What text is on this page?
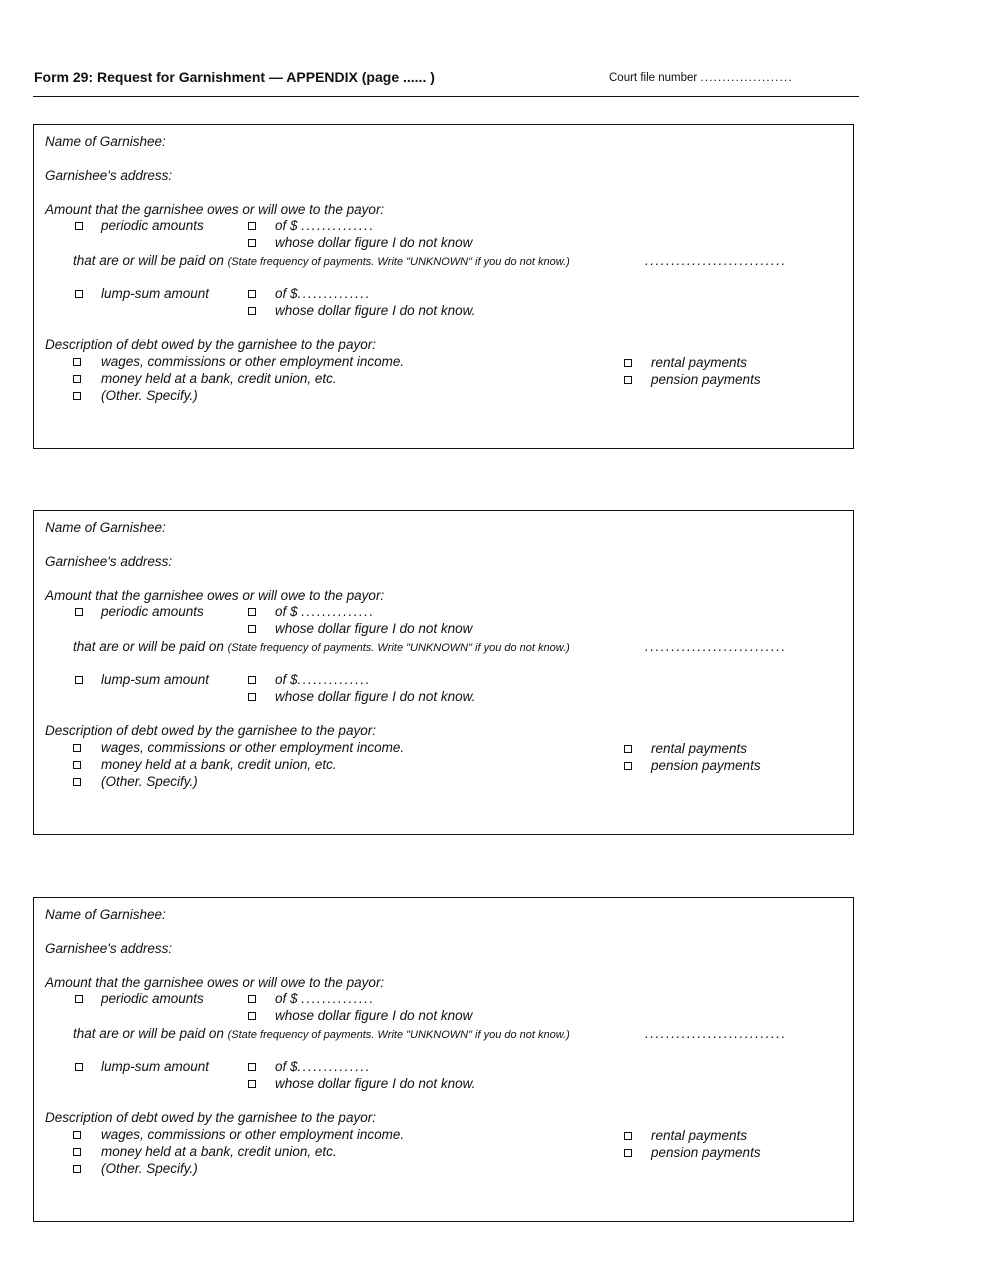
Form 29: Request for Garnishment — APPENDIX (page ...... )	Court file number .....................
Name of Garnishee:
Garnishee's address:
Amount that the garnishee owes or will owe to the payor:
periodic amounts	of $ ..............
whose dollar figure I do not know
that are or will be paid on (State frequency of payments. Write "UNKNOWN" if you do not know.)	...........................
lump-sum amount	of $..............
whose dollar figure I do not know.
Description of debt owed by the garnishee to the payor:
wages, commissions or other employment income.
money held at a bank, credit union, etc.
(Other. Specify.)
rental payments
pension payments
Name of Garnishee:
Garnishee's address:
Amount that the garnishee owes or will owe to the payor:
periodic amounts	of $ ..............
whose dollar figure I do not know
that are or will be paid on (State frequency of payments. Write "UNKNOWN" if you do not know.)	...........................
lump-sum amount	of $..............
whose dollar figure I do not know.
Description of debt owed by the garnishee to the payor:
wages, commissions or other employment income.
money held at a bank, credit union, etc.
(Other. Specify.)
rental payments
pension payments
Name of Garnishee:
Garnishee's address:
Amount that the garnishee owes or will owe to the payor:
periodic amounts	of $ ..............
whose dollar figure I do not know
that are or will be paid on (State frequency of payments. Write "UNKNOWN" if you do not know.)	...........................
lump-sum amount	of $..............
whose dollar figure I do not know.
Description of debt owed by the garnishee to the payor:
wages, commissions or other employment income.
money held at a bank, credit union, etc.
(Other. Specify.)
rental payments
pension payments
